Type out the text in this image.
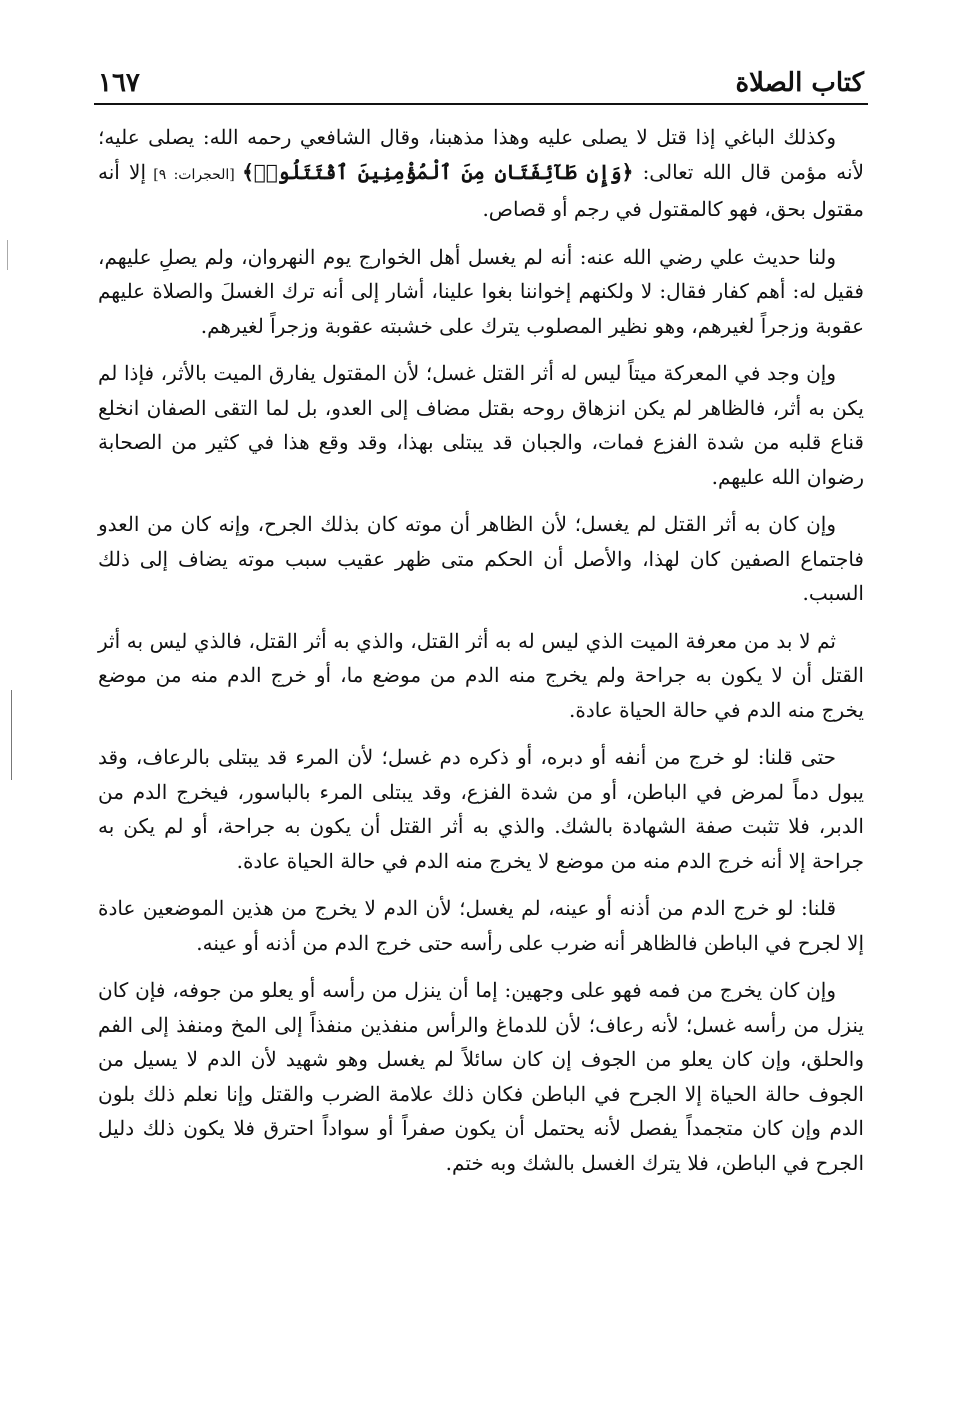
كتاب الصلاة
١٦٧

وكذلك الباغي إذا قتل لا يصلى عليه وهذا مذهبنا، وقال الشافعي رحمه الله: يصلى عليه؛ لأنه مؤمن قال الله تعالى: ﴿وَإِن طَآئِفَتَانِ مِنَ ٱلْمُؤْمِنِينَ ٱقْتَتَلُوا۟﴾ [الحجرات: ٩] إلا أنه مقتول بحق، فهو كالمقتول في رجم أو قصاص.

ولنا حديث علي رضي الله عنه: أنه لم يغسل أهل الخوارج يوم النهروان، ولم يصلِ عليهم، فقيل له: أهم كفار فقال: لا ولكنهم إخواننا بغوا علينا، أشار إلى أنه ترك الغسلَ والصلاة عليهم عقوبة وزجراً لغيرهم، وهو نظير المصلوب يترك على خشبته عقوبة وزجراً لغيرهم.

وإن وجد في المعركة ميتاً ليس له أثر القتل غسل؛ لأن المقتول يفارق الميت بالأثر، فإذا لم يكن به أثر، فالظاهر لم يكن انزهاق روحه بقتل مضاف إلى العدو، بل لما التقى الصفان انخلع قناع قلبه من شدة الفزع فمات، والجبان قد يبتلى بهذا، وقد وقع هذا في كثير من الصحابة رضوان الله عليهم.

وإن كان به أثر القتل لم يغسل؛ لأن الظاهر أن موته كان بذلك الجرح، وإنه كان من العدو فاجتماع الصفين كان لهذا، والأصل أن الحكم متى ظهر عقيب سبب موته يضاف إلى ذلك السبب.

ثم لا بد من معرفة الميت الذي ليس له به أثر القتل، والذي به أثر القتل، فالذي ليس به أثر القتل أن لا يكون به جراحة ولم يخرج منه الدم من موضع ما، أو خرج الدم منه من موضع يخرج منه الدم في حالة الحياة عادة.

حتى قلنا: لو خرج من أنفه أو دبره، أو ذكره دم غسل؛ لأن المرء قد يبتلى بالرعاف، وقد يبول دماً لمرض في الباطن، أو من شدة الفزع، وقد يبتلى المرء بالباسور، فيخرج الدم من الدبر، فلا تثبت صفة الشهادة بالشك. والذي به أثر القتل أن يكون به جراحة، أو لم يكن به جراحة إلا أنه خرج الدم منه من موضع لا يخرج منه الدم في حالة الحياة عادة.

قلنا: لو خرج الدم من أذنه أو عينه، لم يغسل؛ لأن الدم لا يخرج من هذين الموضعين عادة إلا لجرح في الباطن فالظاهر أنه ضرب على رأسه حتى خرج الدم من أذنه أو عينه.

وإن كان يخرج من فمه فهو على وجهين: إما أن ينزل من رأسه أو يعلو من جوفه، فإن كان ينزل من رأسه غسل؛ لأنه رعاف؛ لأن للدماغ والرأس منفذين منفذاً إلى المخ ومنفذ إلى الفم والحلق، وإن كان يعلو من الجوف إن كان سائلاً لم يغسل وهو شهيد لأن الدم لا يسيل من الجوف حالة الحياة إلا الجرح في الباطن فكان ذلك علامة الضرب والقتل وإنا نعلم ذلك بلون الدم وإن كان متجمداً يفصل لأنه يحتمل أن يكون صفراً أو سواداً احترق فلا يكون ذلك دليل الجرح في الباطن، فلا يترك الغسل بالشك وبه ختم.
